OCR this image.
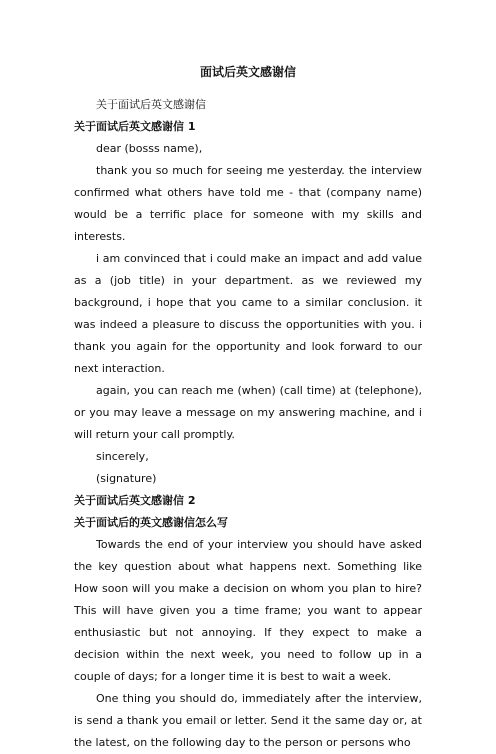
面试后英文感谢信

关于面试后英文感谢信

关于面试后英文感谢信 1

dear (bosss name),

thank you so much for seeing me yesterday. the interview confirmed what others have told me - that (company name) would be a terrific place for someone with my skills and interests.

i am convinced that i could make an impact and add value as a (job title) in your department. as we reviewed my background, i hope that you came to a similar conclusion. it was indeed a pleasure to discuss the opportunities with you. i thank you again for the opportunity and look forward to our next interaction.

again, you can reach me (when) (call time) at (telephone), or you may leave a message on my answering machine, and i will return your call promptly.

sincerely,

(signature)

关于面试后英文感谢信 2

关于面试后的英文感谢信怎么写

Towards the end of your interview you should have asked the key question about what happens next. Something like How soon will you make a decision on whom you plan to hire? This will have given you a time frame; you want to appear enthusiastic but not annoying. If they expect to make a decision within the next week, you need to follow up in a couple of days; for a longer time it is best to wait a week.

One thing you should do, immediately after the interview, is send a thank you email or letter. Send it the same day or, at the latest, on the following day to the person or persons who
